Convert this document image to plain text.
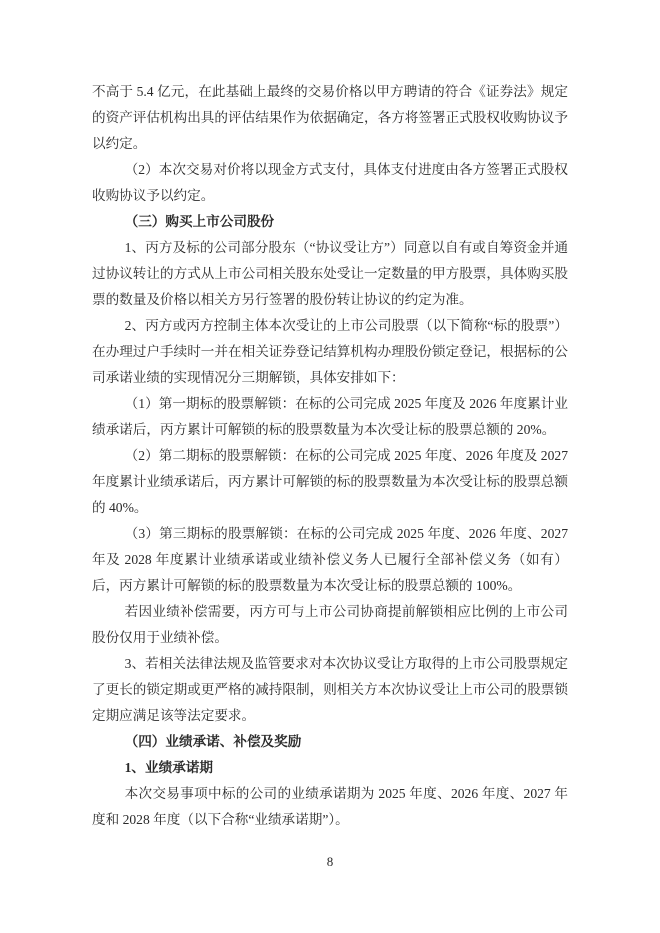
不高于 5.4 亿元，在此基础上最终的交易价格以甲方聘请的符合《证券法》规定的资产评估机构出具的评估结果作为依据确定，各方将签署正式股权收购协议予以约定。

（2）本次交易对价将以现金方式支付，具体支付进度由各方签署正式股权收购协议予以约定。

（三）购买上市公司股份

1、丙方及标的公司部分股东（“协议受让方”）同意以自有或自筹资金并通过协议转让的方式从上市公司相关股东处受让一定数量的甲方股票，具体购买股票的数量及价格以相关方另行签署的股份转让协议的约定为准。

2、丙方或丙方控制主体本次受让的上市公司股票（以下简称“标的股票”）在办理过户手续时一并在相关证券登记结算机构办理股份锁定登记，根据标的公司承诺业绩的实现情况分三期解锁，具体安排如下：

（1）第一期标的股票解锁：在标的公司完成 2025 年度及 2026 年度累计业绩承诺后，丙方累计可解锁的标的股票数量为本次受让标的股票总额的 20%。

（2）第二期标的股票解锁：在标的公司完成 2025 年度、2026 年度及 2027 年度累计业绩承诺后，丙方累计可解锁的标的股票数量为本次受让标的股票总额的 40%。

（3）第三期标的股票解锁：在标的公司完成 2025 年度、2026 年度、2027 年及 2028 年度累计业绩承诺或业绩补偿义务人已履行全部补偿义务（如有）后，丙方累计可解锁的标的股票数量为本次受让标的股票总额的 100%。

若因业绩补偿需要，丙方可与上市公司协商提前解锁相应比例的上市公司股份仅用于业绩补偿。

3、若相关法律法规及监管要求对本次协议受让方取得的上市公司股票规定了更长的锁定期或更严格的减持限制，则相关方本次协议受让上市公司的股票锁定期应满足该等法定要求。

（四）业绩承诺、补偿及奖励

1、业绩承诺期

本次交易事项中标的公司的业绩承诺期为 2025 年度、2026 年度、2027 年度和 2028 年度（以下合称“业绩承诺期”）。

8
